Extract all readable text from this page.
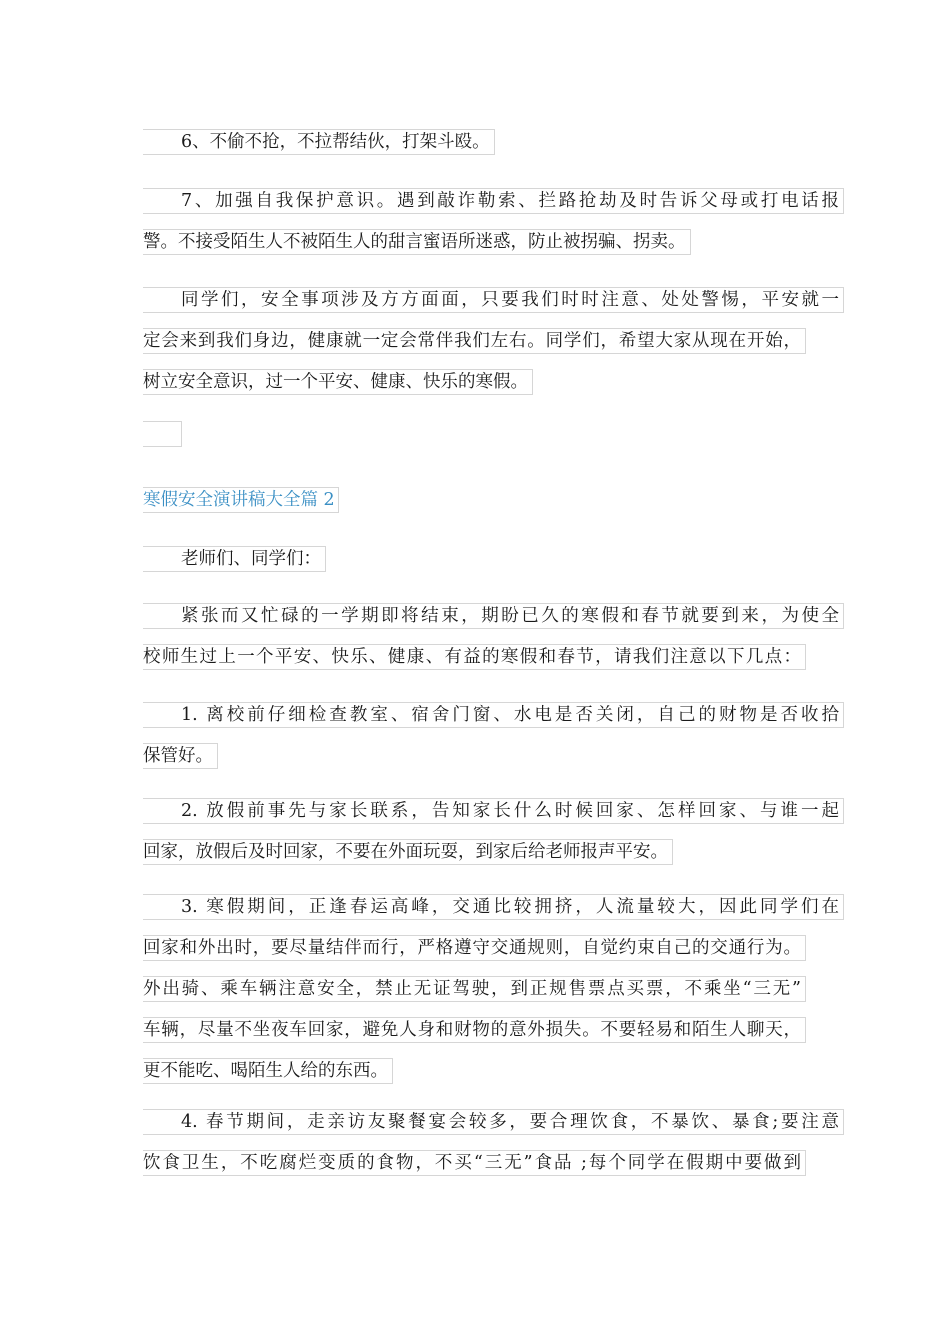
6、不偷不抢，不拉帮结伙，打架斗殴。
7、加强自我保护意识。遇到敲诈勒索、拦路抢劫及时告诉父母或打电话报
警。不接受陌生人不被陌生人的甜言蜜语所迷惑，防止被拐骗、拐卖。
同学们，安全事项涉及方方面面，只要我们时时注意、处处警惕，平安就一
定会来到我们身边，健康就一定会常伴我们左右。同学们，希望大家从现在开始，
树立安全意识，过一个平安、健康、快乐的寒假。
寒假安全演讲稿大全篇 2
老师们、同学们：
紧张而又忙碌的一学期即将结束，期盼已久的寒假和春节就要到来，为使全
校师生过上一个平安、快乐、健康、有益的寒假和春节，请我们注意以下几点：
1. 离校前仔细检查教室、宿舍门窗、水电是否关闭，自己的财物是否收拾
保管好。
2. 放假前事先与家长联系，告知家长什么时候回家、怎样回家、与谁一起
回家，放假后及时回家，不要在外面玩耍，到家后给老师报声平安。
3. 寒假期间，正逢春运高峰，交通比较拥挤，人流量较大，因此同学们在
回家和外出时，要尽量结伴而行，严格遵守交通规则，自觉约束自己的交通行为。
外出骑、乘车辆注意安全，禁止无证驾驶，到正规售票点买票，不乘坐“三无”
车辆，尽量不坐夜车回家，避免人身和财物的意外损失。不要轻易和陌生人聊天，
更不能吃、喝陌生人给的东西。
4. 春节期间，走亲访友聚餐宴会较多，要合理饮食，不暴饮、暴食;要注意
饮食卫生，不吃腐烂变质的食物，不买“三无”食品 ;每个同学在假期中要做到
